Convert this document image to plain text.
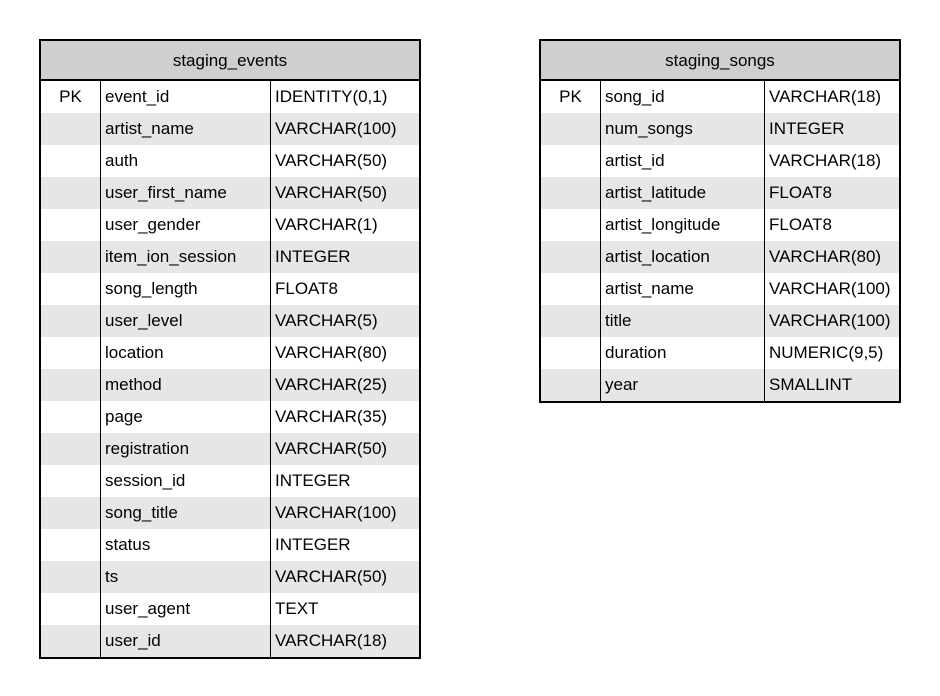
staging_events
PK	event_id	IDENTITY(0,1)
artist_name	VARCHAR(100)
auth	VARCHAR(50)
user_first_name	VARCHAR(50)
user_gender	VARCHAR(1)
item_ion_session	INTEGER
song_length	FLOAT8
user_level	VARCHAR(5)
location	VARCHAR(80)
method	VARCHAR(25)
page	VARCHAR(35)
registration	VARCHAR(50)
session_id	INTEGER
song_title	VARCHAR(100)
status	INTEGER
ts	VARCHAR(50)
user_agent	TEXT
user_id	VARCHAR(18)
staging_songs
PK	song_id	VARCHAR(18)
num_songs	INTEGER
artist_id	VARCHAR(18)
artist_latitude	FLOAT8
artist_longitude	FLOAT8
artist_location	VARCHAR(80)
artist_name	VARCHAR(100)
title	VARCHAR(100)
duration	NUMERIC(9,5)
year	SMALLINT
